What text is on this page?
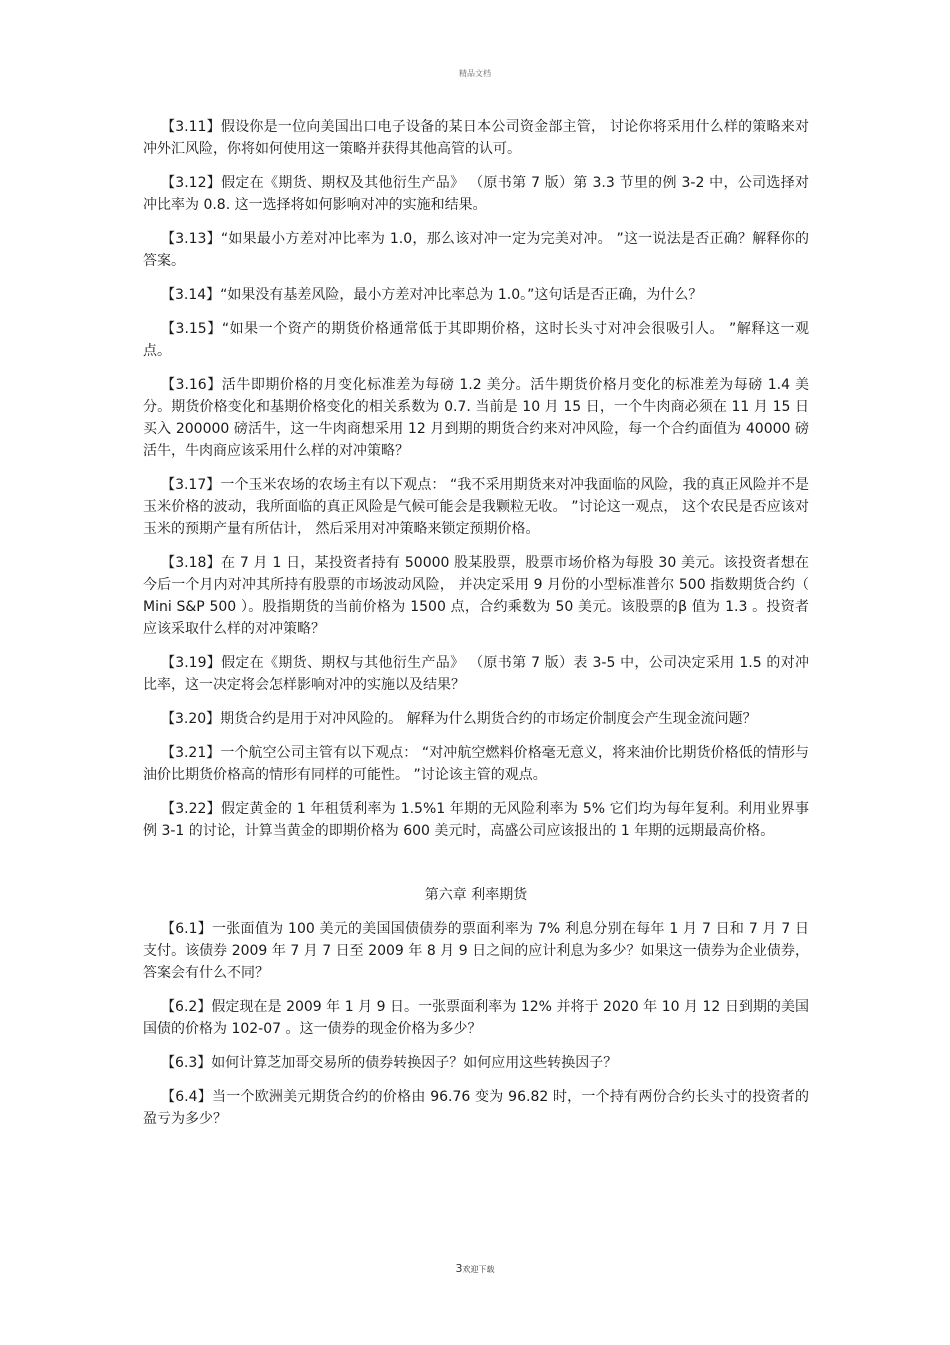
精品文档

【3.11】假设你是一位向美国出口电子设备的某日本公司资金部主管， 讨论你将采用什么样的策略来对冲外汇风险，你将如何使用这一策略并获得其他高管的认可。

【3.12】假定在《期货、期权及其他衍生产品》 （原书第 7 版）第 3.3 节里的例 3-2 中，公司选择对冲比率为 0.8. 这一选择将如何影响对冲的实施和结果。

【3.13】“如果最小方差对冲比率为 1.0，那么该对冲一定为完美对冲。 ”这一说法是否正确？解释你的答案。

【3.14】“如果没有基差风险，最小方差对冲比率总为 1.0。”这句话是否正确，为什么？

【3.15】“如果一个资产的期货价格通常低于其即期价格，这时长头寸对冲会很吸引人。 ”解释这一观点。

【3.16】活牛即期价格的月变化标准差为每磅 1.2 美分。活牛期货价格月变化的标准差为每磅 1.4 美分。期货价格变化和基期价格变化的相关系数为 0.7. 当前是 10 月 15 日，一个牛肉商必须在 11 月 15 日买入 200000 磅活牛，这一牛肉商想采用 12 月到期的期货合约来对冲风险，每一个合约面值为 40000 磅活牛，牛肉商应该采用什么样的对冲策略？

【3.17】一个玉米农场的农场主有以下观点： “我不采用期货来对冲我面临的风险，我的真正风险并不是玉米价格的波动，我所面临的真正风险是气候可能会是我颗粒无收。 ”讨论这一观点， 这个农民是否应该对玉米的预期产量有所估计， 然后采用对冲策略来锁定预期价格。

【3.18】在 7 月 1 日，某投资者持有 50000 股某股票，股票市场价格为每股 30 美元。该投资者想在今后一个月内对冲其所持有股票的市场波动风险， 并决定采用 9 月份的小型标准普尔 500 指数期货合约（ Mini S&P 500 ）。股指期货的当前价格为 1500 点，合约乘数为 50 美元。该股票的β 值为 1.3 。投资者应该采取什么样的对冲策略？

【3.19】假定在《期货、期权与其他衍生产品》 （原书第 7 版）表 3-5 中，公司决定采用 1.5 的对冲比率，这一决定将会怎样影响对冲的实施以及结果？

【3.20】期货合约是用于对冲风险的。 解释为什么期货合约的市场定价制度会产生现金流问题？

【3.21】一个航空公司主管有以下观点： “对冲航空燃料价格毫无意义，将来油价比期货价格低的情形与油价比期货价格高的情形有同样的可能性。 ”讨论该主管的观点。

【3.22】假定黄金的 1 年租赁利率为 1.5%1 年期的无风险利率为 5% 它们均为每年复利。利用业界事例 3-1 的讨论，计算当黄金的即期价格为 600 美元时，高盛公司应该报出的 1 年期的远期最高价格。

第六章 利率期货

【6.1】一张面值为 100 美元的美国国债债券的票面利率为 7% 利息分别在每年 1 月 7 日和 7 月 7 日支付。该债券 2009 年 7 月 7 日至 2009 年 8 月 9 日之间的应计利息为多少？如果这一债券为企业债券，答案会有什么不同？

【6.2】假定现在是 2009 年 1 月 9 日。一张票面利率为 12% 并将于 2020 年 10 月 12 日到期的美国国债的价格为 102-07 。这一债券的现金价格为多少？

【6.3】如何计算芝加哥交易所的债券转换因子？如何应用这些转换因子？

【6.4】当一个欧洲美元期货合约的价格由 96.76 变为 96.82 时，一个持有两份合约长头寸的投资者的盈亏为多少？

3欢迎下载
